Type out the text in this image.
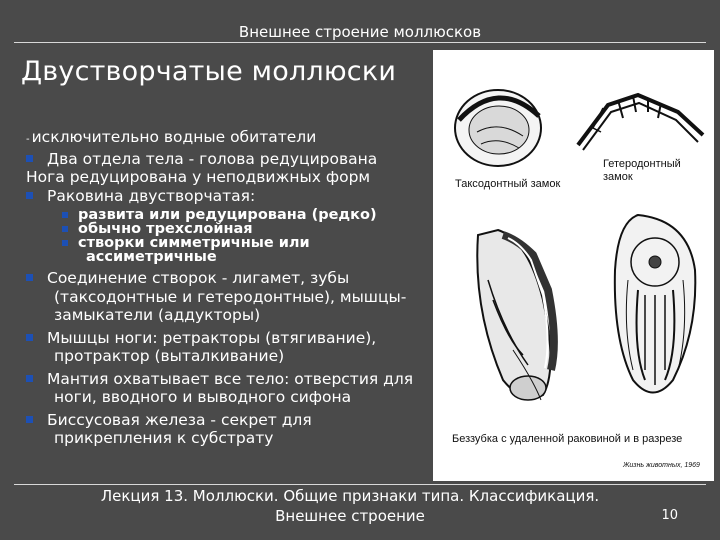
Внешнее строение моллюсков
Двустворчатые моллюски

- исключительно водные обитатели

Два отдела тела - голова редуцирована

Нога редуцирована у неподвижных форм

Раковина двустворчатая:

развита или редуцирована (редко)

обычно трехслойная

створки симметричные или ассиметричные

Соединение створок - лигамет, зубы (таксодонтные и гетеродонтные), мышцы-замыкатели (аддукторы)

Мышцы ноги: ретракторы (втягивание), протрактор (выталкивание)

Мантия охватывает все тело: отверстия для ноги, вводного и выводного сифона

Биссусовая железа - секрет для прикрепления к субстрату

Таксодонтный замок
Гетеродонтный замок
Беззубка с удаленной раковиной и в разрезе
Жизнь животных, 1969
Лекция 13. Моллюски. Общие признаки типа. Классификация.
Внешнее строение	10
